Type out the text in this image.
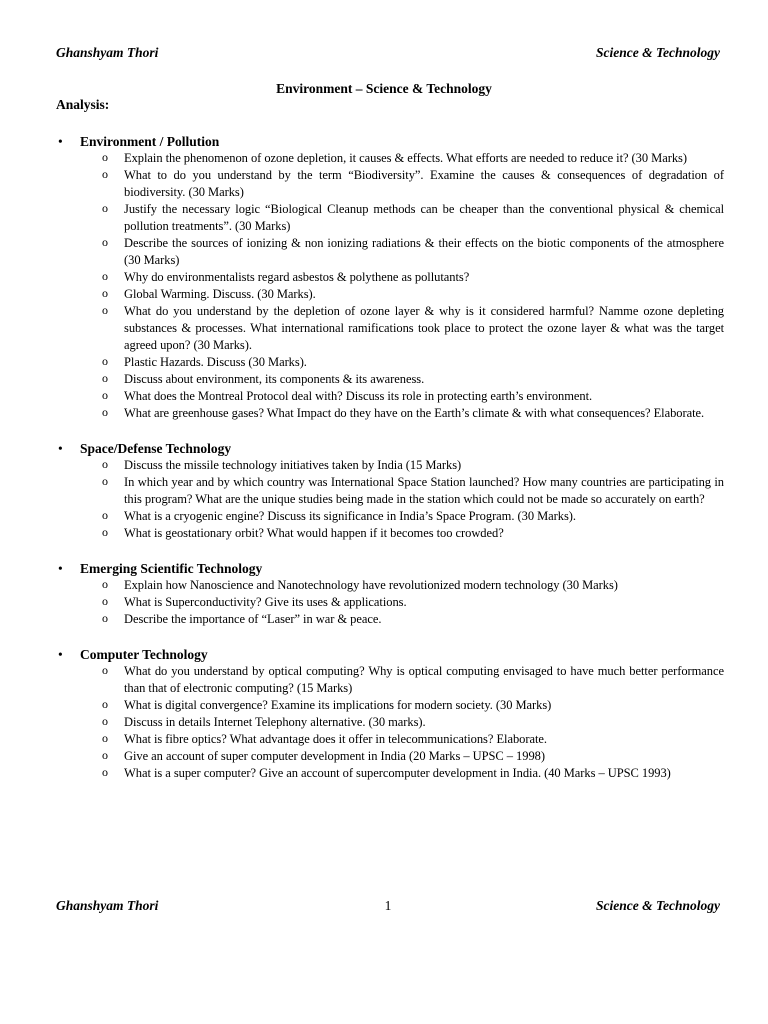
Ghanshyam Thori	Science & Technology
Environment – Science & Technology
Analysis:
• Environment / Pollution
o Explain the phenomenon of ozone depletion, it causes & effects. What efforts are needed to reduce it? (30 Marks)
o What to do you understand by the term “Biodiversity”. Examine the causes & consequences of degradation of biodiversity. (30 Marks)
o Justify the necessary logic “Biological Cleanup methods can be cheaper than the conventional physical & chemical pollution treatments”. (30 Marks)
o Describe the sources of ionizing & non ionizing radiations & their effects on the biotic components of the atmosphere (30 Marks)
o Why do environmentalists regard asbestos & polythene as pollutants?
o Global Warming. Discuss. (30 Marks).
o What do you understand by the depletion of ozone layer & why is it considered harmful? Namme ozone depleting substances & processes. What international ramifications took place to protect the ozone layer & what was the target agreed upon? (30 Marks).
o Plastic Hazards. Discuss (30 Marks).
o Discuss about environment, its components & its awareness.
o What does the Montreal Protocol deal with? Discuss its role in protecting earth’s environment.
o What are greenhouse gases? What Impact do they have on the Earth’s climate & with what consequences? Elaborate.
• Space/Defense Technology
o Discuss the missile technology initiatives taken by India (15 Marks)
o In which year and by which country was International Space Station launched? How many countries are participating in this program? What are the unique studies being made in the station which could not be made so accurately on earth?
o What is a cryogenic engine? Discuss its significance in India’s Space Program. (30 Marks).
o What is geostationary orbit? What would happen if it becomes too crowded?
• Emerging Scientific Technology
o Explain how Nanoscience and Nanotechnology have revolutionized modern technology (30 Marks)
o What is Superconductivity? Give its uses & applications.
o Describe the importance of “Laser” in war & peace.
• Computer Technology
o What do you understand by optical computing? Why is optical computing envisaged to have much better performance than that of electronic computing? (15 Marks)
o What is digital convergence? Examine its implications for modern society. (30 Marks)
o Discuss in details Internet Telephony alternative. (30 marks).
o What is fibre optics? What advantage does it offer in telecommunications? Elaborate.
o Give an account of super computer development in India (20 Marks – UPSC – 1998)
o What is a super computer? Give an account of supercomputer development in India. (40 Marks – UPSC 1993)
Ghanshyam Thori	1	Science & Technology
